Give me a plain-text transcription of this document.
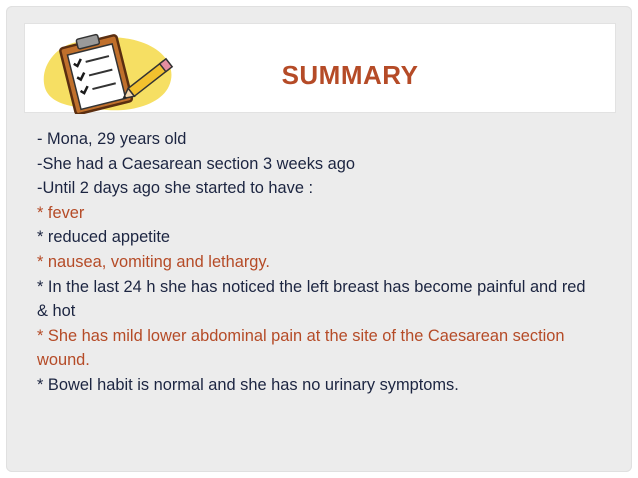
SUMMARY

- Mona, 29 years old

-She had a Caesarean section 3 weeks ago

-Until 2 days ago she started to have :

* fever

* reduced appetite

* nausea, vomiting and lethargy.

* In the last 24 h she has noticed the left breast has become painful and red & hot

* She has mild lower abdominal pain at the site of the Caesarean section wound.

* Bowel habit is normal and she has no urinary symptoms.
